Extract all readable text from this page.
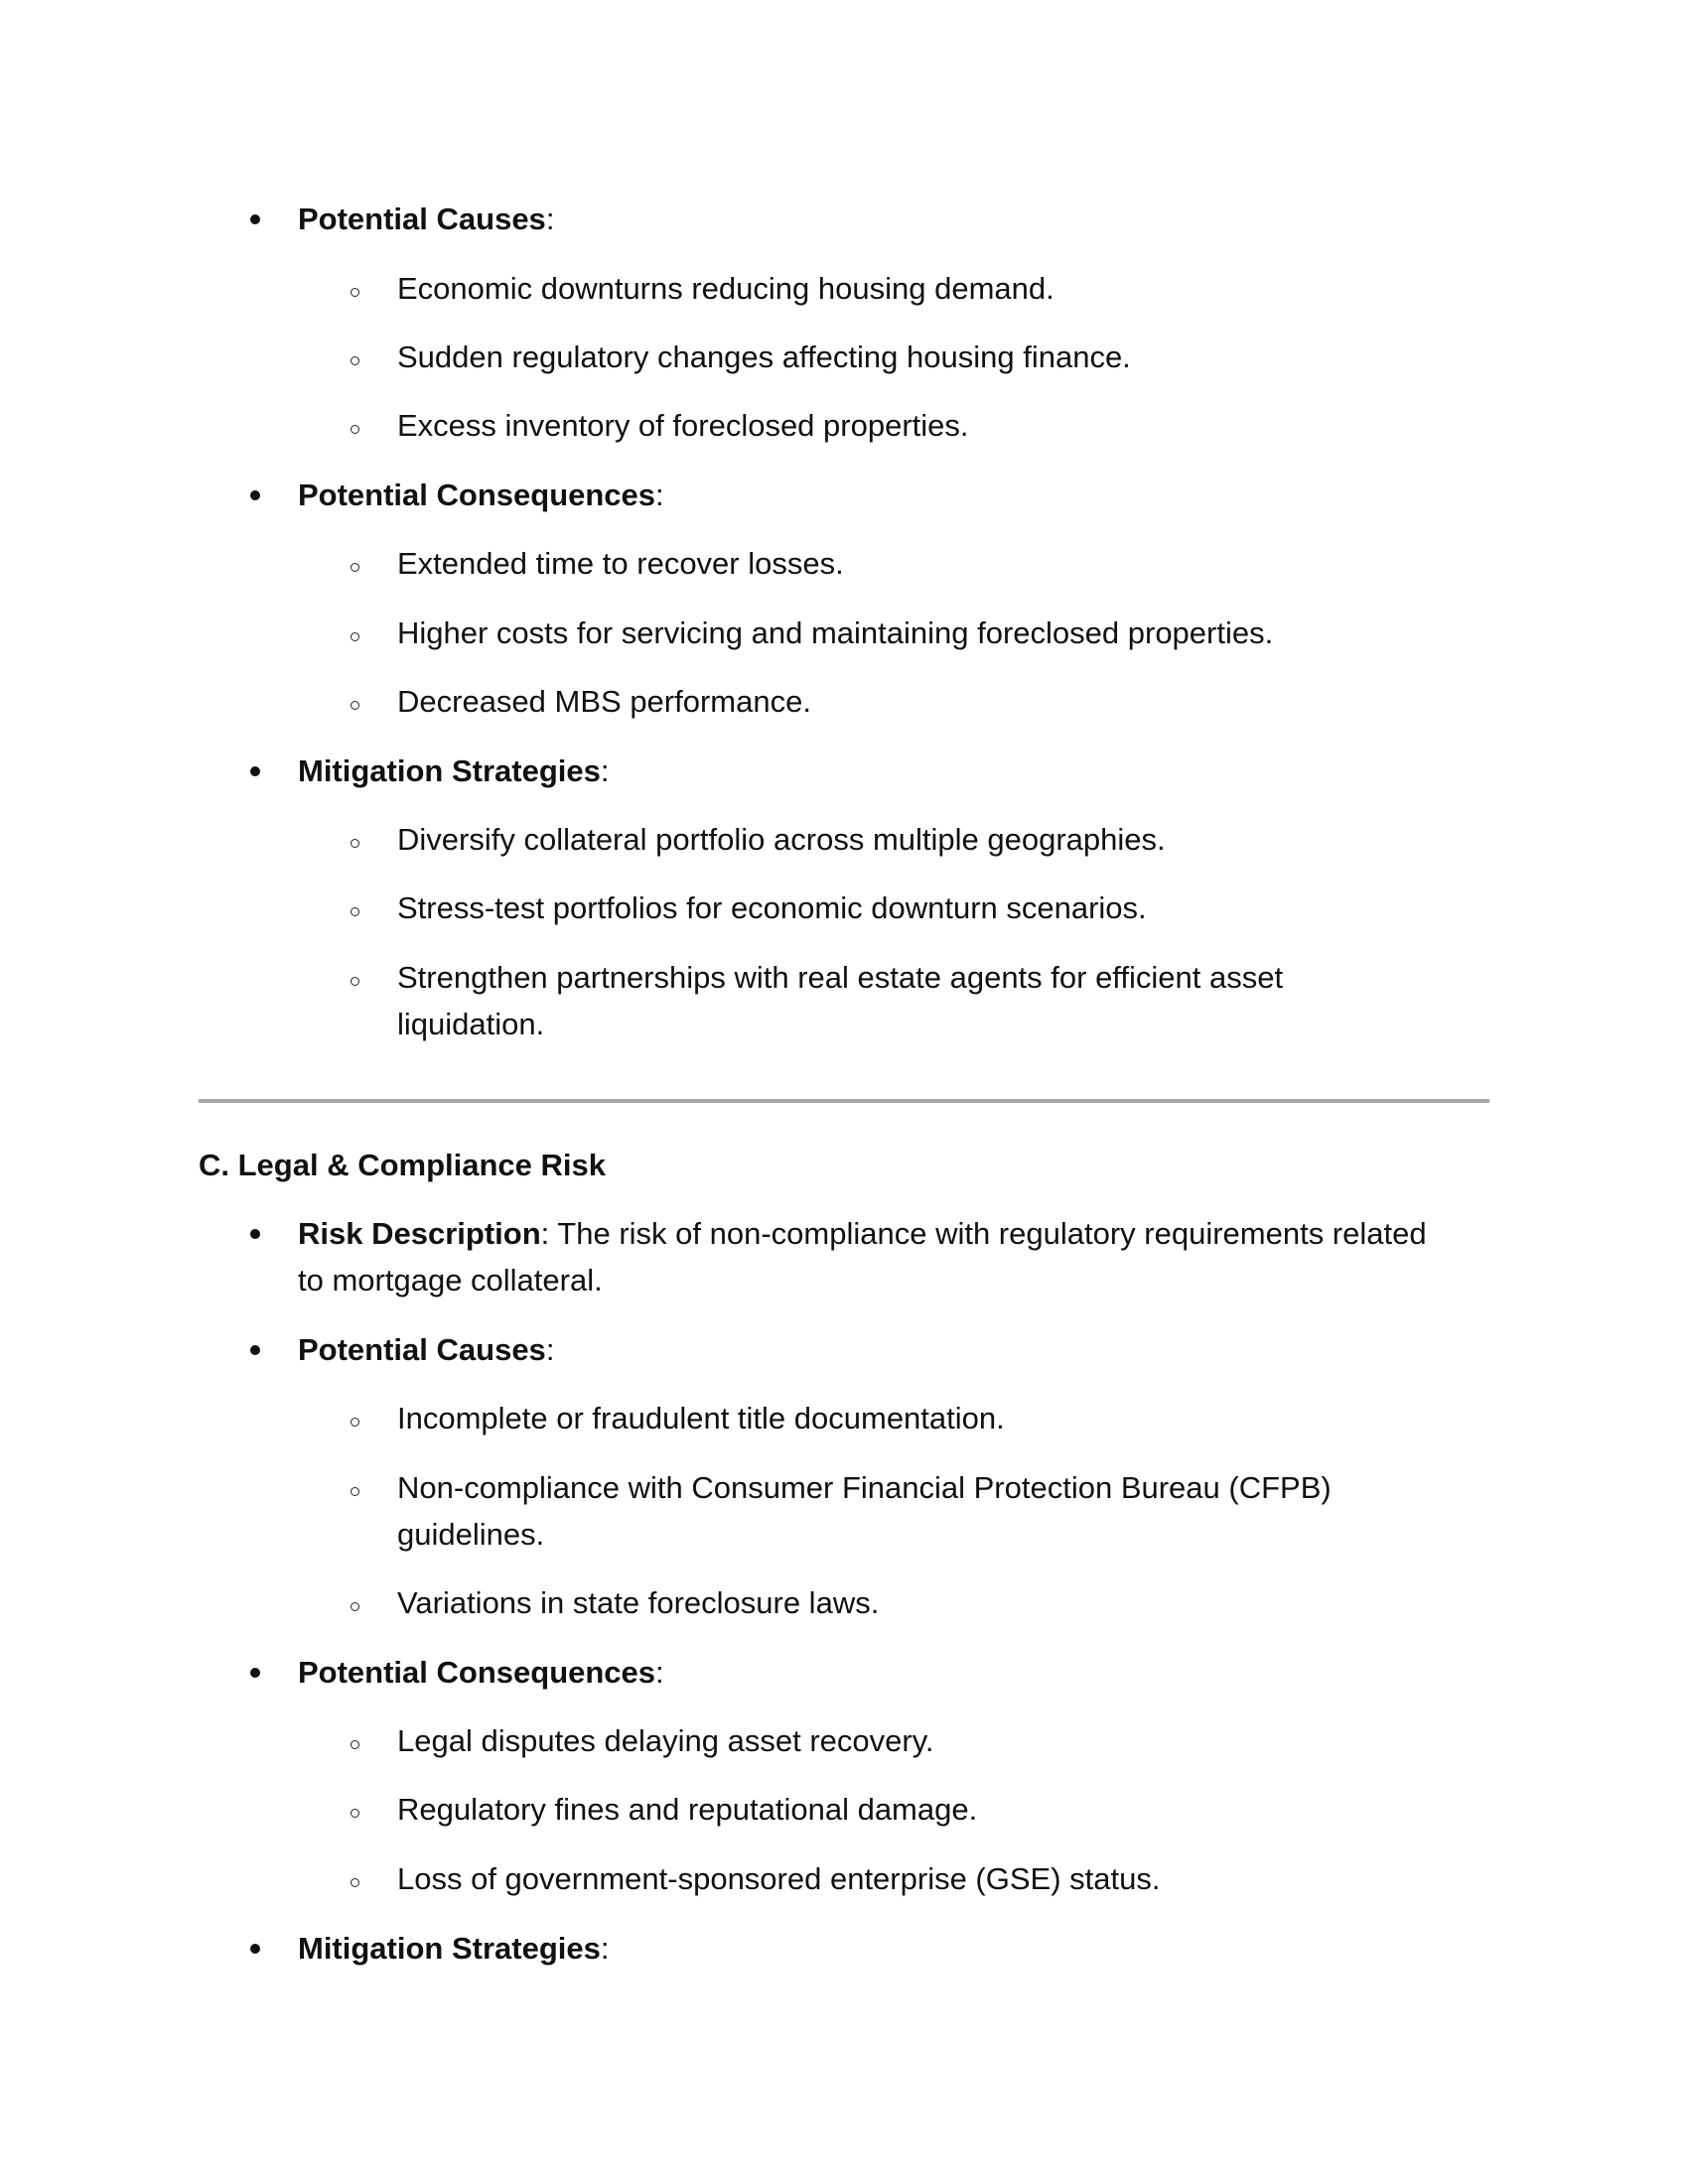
Potential Causes:
Economic downturns reducing housing demand.
Sudden regulatory changes affecting housing finance.
Excess inventory of foreclosed properties.
Potential Consequences:
Extended time to recover losses.
Higher costs for servicing and maintaining foreclosed properties.
Decreased MBS performance.
Mitigation Strategies:
Diversify collateral portfolio across multiple geographies.
Stress-test portfolios for economic downturn scenarios.
Strengthen partnerships with real estate agents for efficient asset
liquidation.
C. Legal & Compliance Risk
Risk Description: The risk of non-compliance with regulatory requirements related
to mortgage collateral.
Potential Causes:
Incomplete or fraudulent title documentation.
Non-compliance with Consumer Financial Protection Bureau (CFPB)
guidelines.
Variations in state foreclosure laws.
Potential Consequences:
Legal disputes delaying asset recovery.
Regulatory fines and reputational damage.
Loss of government-sponsored enterprise (GSE) status.
Mitigation Strategies:
